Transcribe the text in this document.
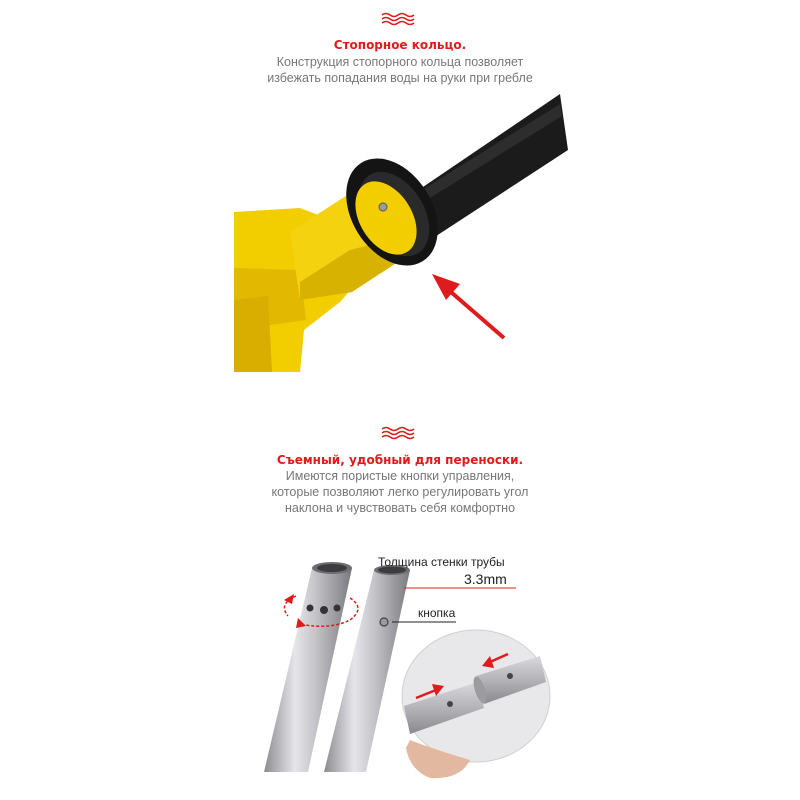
Стопорное кольцо.
Конструкция стопорного кольца позволяет
избежать попадания воды на руки при гребле
Съемный, удобный для переноски.
Имеются пористые кнопки управления,
которые позволяют легко регулировать угол
наклона и чувствовать себя комфортно
Толщина стенки трубы
3.3mm
кнопка
